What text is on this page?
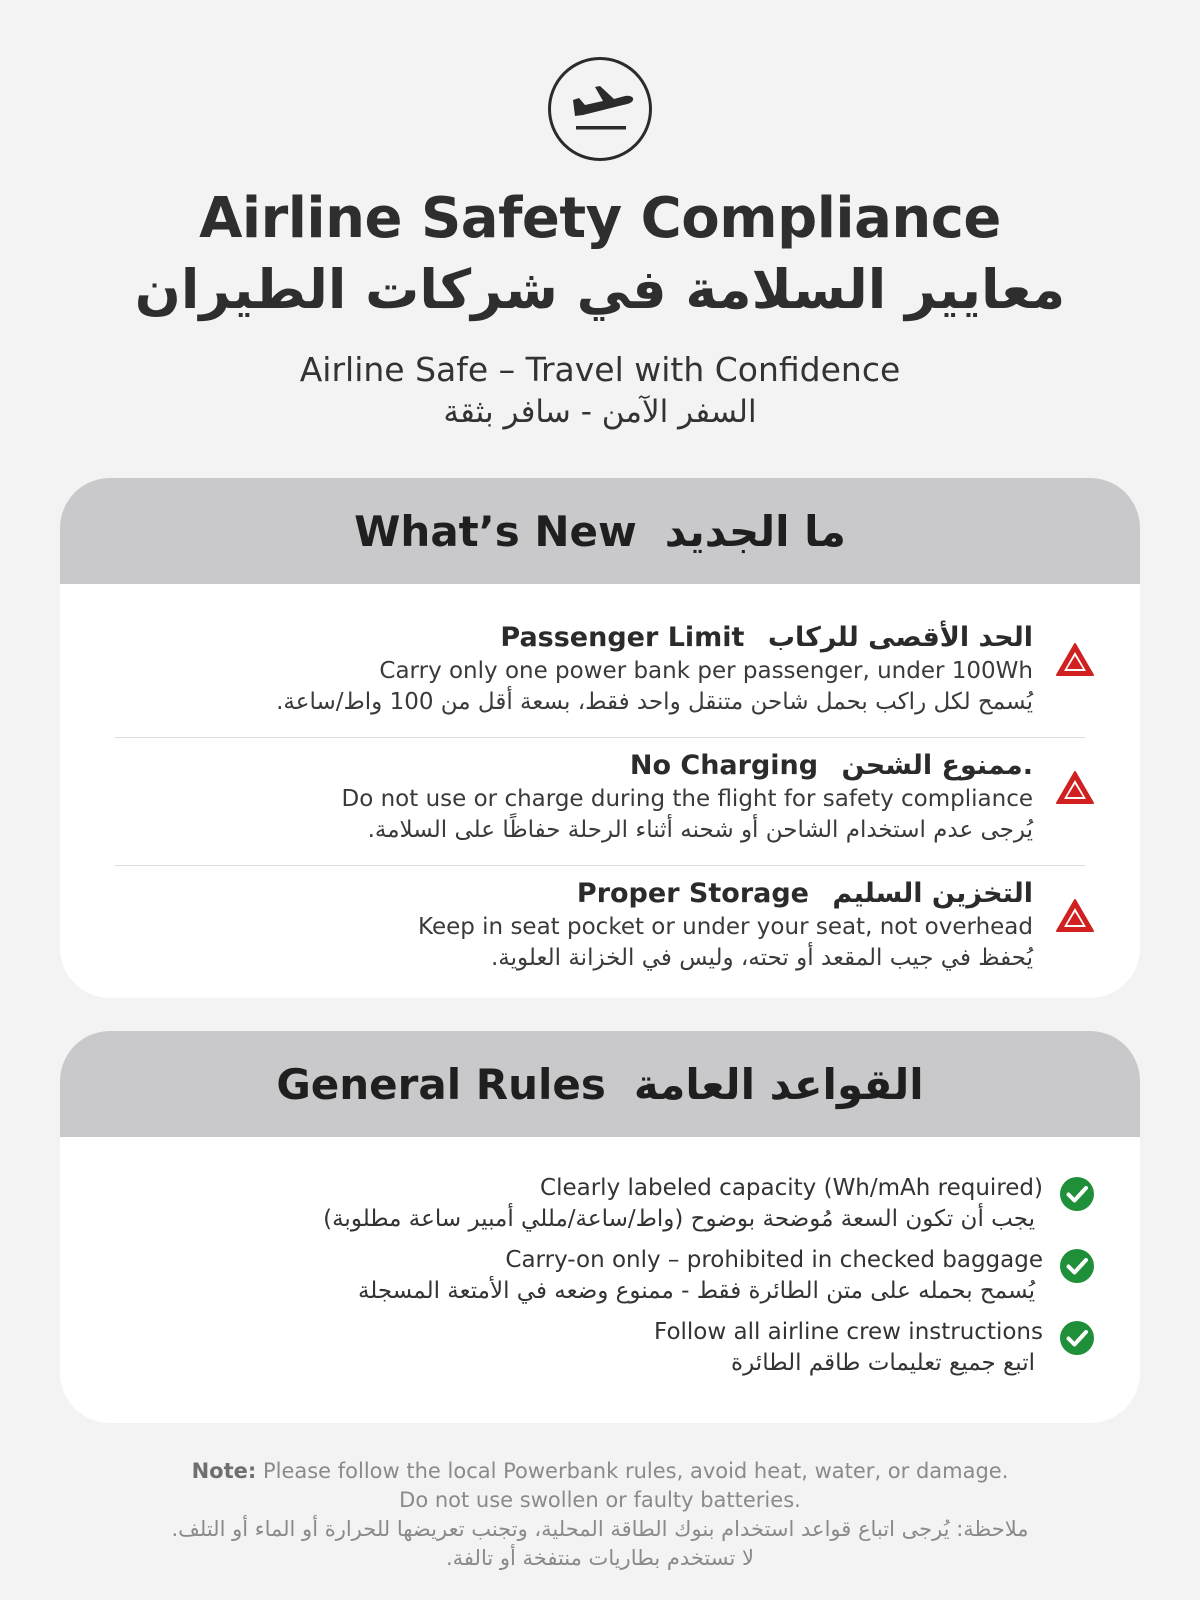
Airline Safety Compliance
معايير السلامة في شركات الطيران
Airline Safe – Travel with Confidence
السفر الآمن - سافر بثقة
What’s New ما الجديد
Passenger Limit الحد الأقصى للركاب
Carry only one power bank per passenger, under 100Wh
يُسمح لكل راكب بحمل شاحن متنقل واحد فقط، بسعة أقل من 100 واط/ساعة.
No Charging .ممنوع الشحن
Do not use or charge during the flight for safety compliance
يُرجى عدم استخدام الشاحن أو شحنه أثناء الرحلة حفاظًا على السلامة.
Proper Storage التخزين السليم
Keep in seat pocket or under your seat, not overhead
يُحفظ في جيب المقعد أو تحته، وليس في الخزانة العلوية.
General Rules القواعد العامة
Clearly labeled capacity (Wh/mAh required)
يجب أن تكون السعة مُوضحة بوضوح (واط/ساعة/مللي أمبير ساعة مطلوبة)
Carry-on only – prohibited in checked baggage
يُسمح بحمله على متن الطائرة فقط - ممنوع وضعه في الأمتعة المسجلة
Follow all airline crew instructions
اتبع جميع تعليمات طاقم الطائرة
Note: Please follow the local Powerbank rules, avoid heat, water, or damage.
Do not use swollen or faulty batteries.
ملاحظة: يُرجى اتباع قواعد استخدام بنوك الطاقة المحلية، وتجنب تعريضها للحرارة أو الماء أو التلف.
لا تستخدم بطاريات منتفخة أو تالفة.
